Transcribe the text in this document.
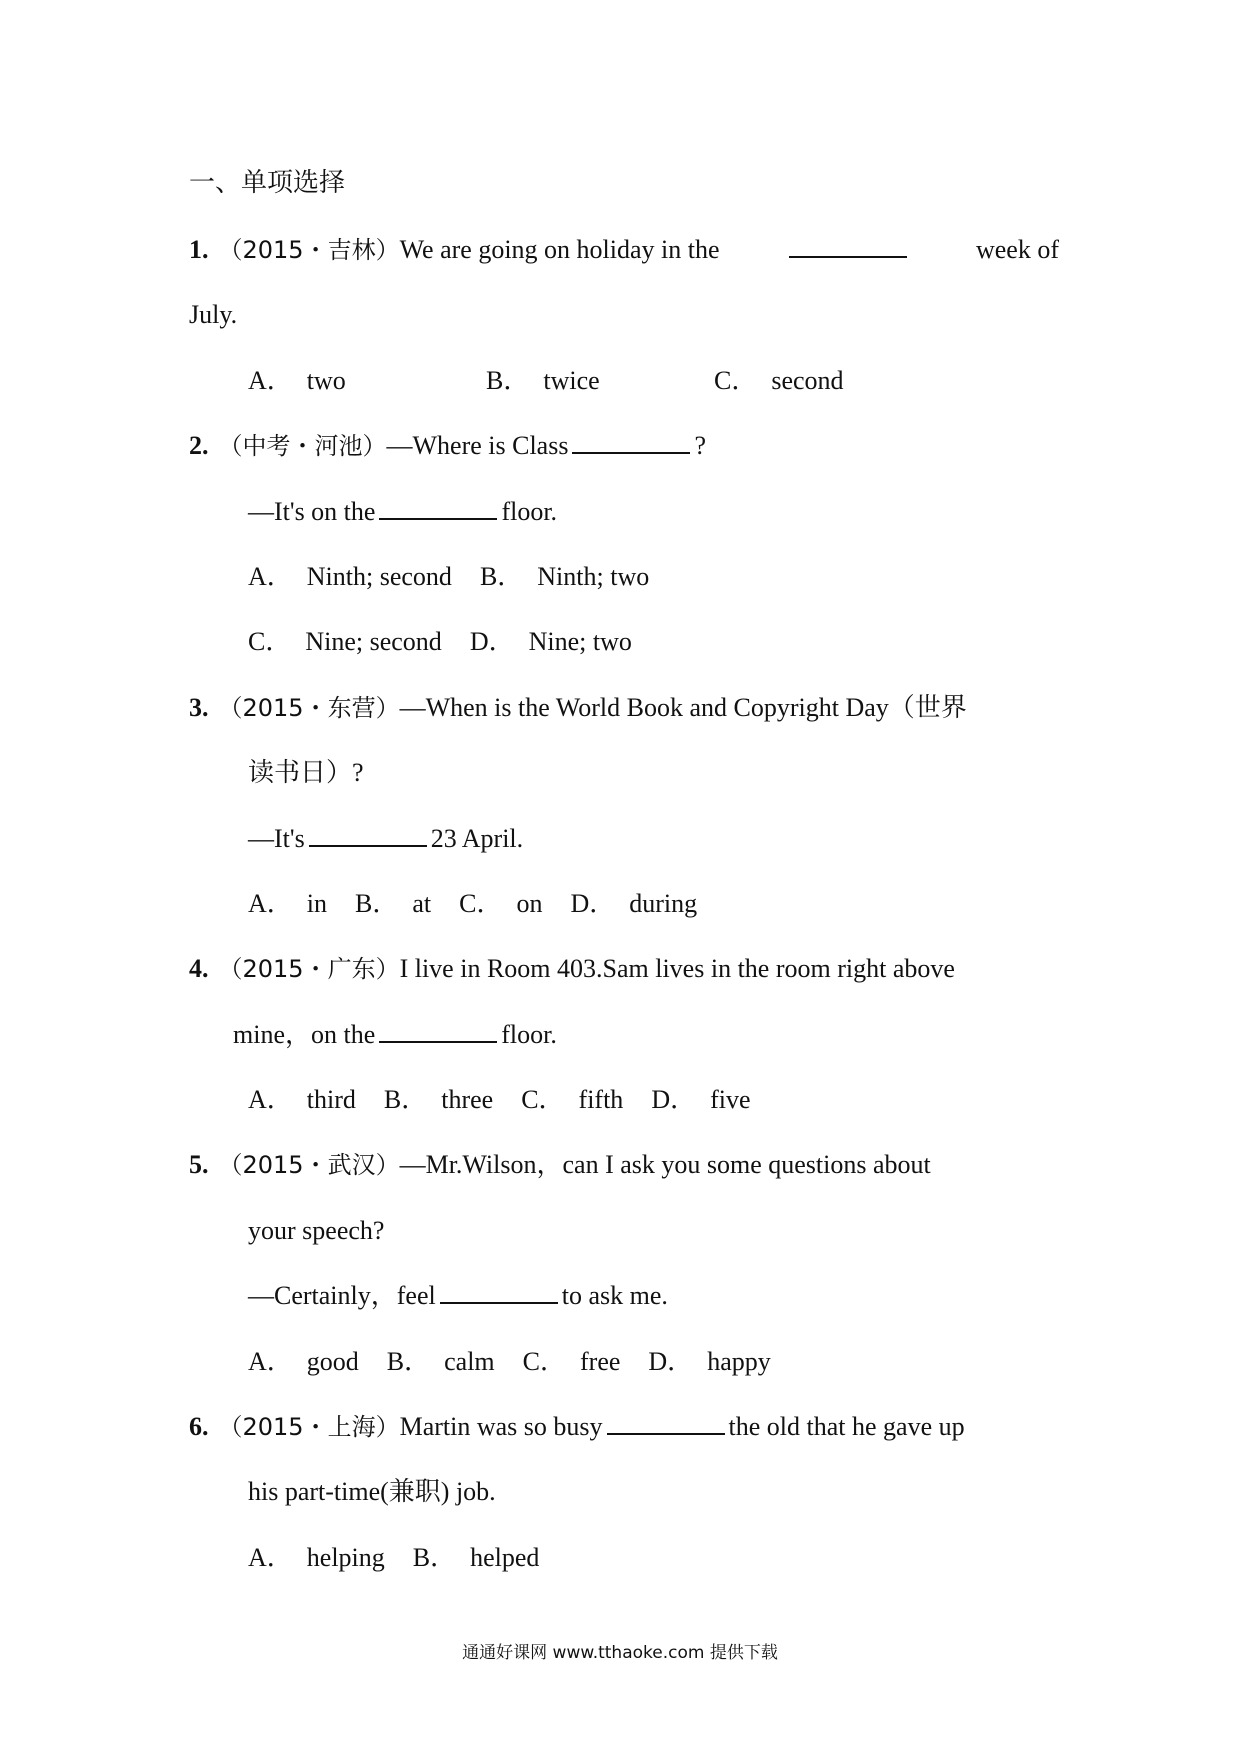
一、单项选择
1. （2015・吉林）We are going on holiday in the	week of
July.
A． two	B． twice	C． second
2. （中考・河池）—Where is Class	?
—It's on the	floor.
A． Ninth; second B． Ninth; two
C． Nine; second D． Nine; two
3. （2015・东营）—When is the World Book and Copyright Day（世界
读书日）?
—It's	23 April.
A． in B． at C． on D． during
4. （2015・广东）I live in Room 403.Sam lives in the room right above
mine，on the	floor.
A． third B． three C． fifth D． five
5. （2015・武汉）—Mr.Wilson，can I ask you some questions about
your speech?
—Certainly，feel	to ask me.
A． good B． calm C． free D． happy
6. （2015・上海）Martin was so busy	the old that he gave up
his part-time(兼职) job.
A． helping B． helped
通通好课网 www.tthaoke.com 提供下载
